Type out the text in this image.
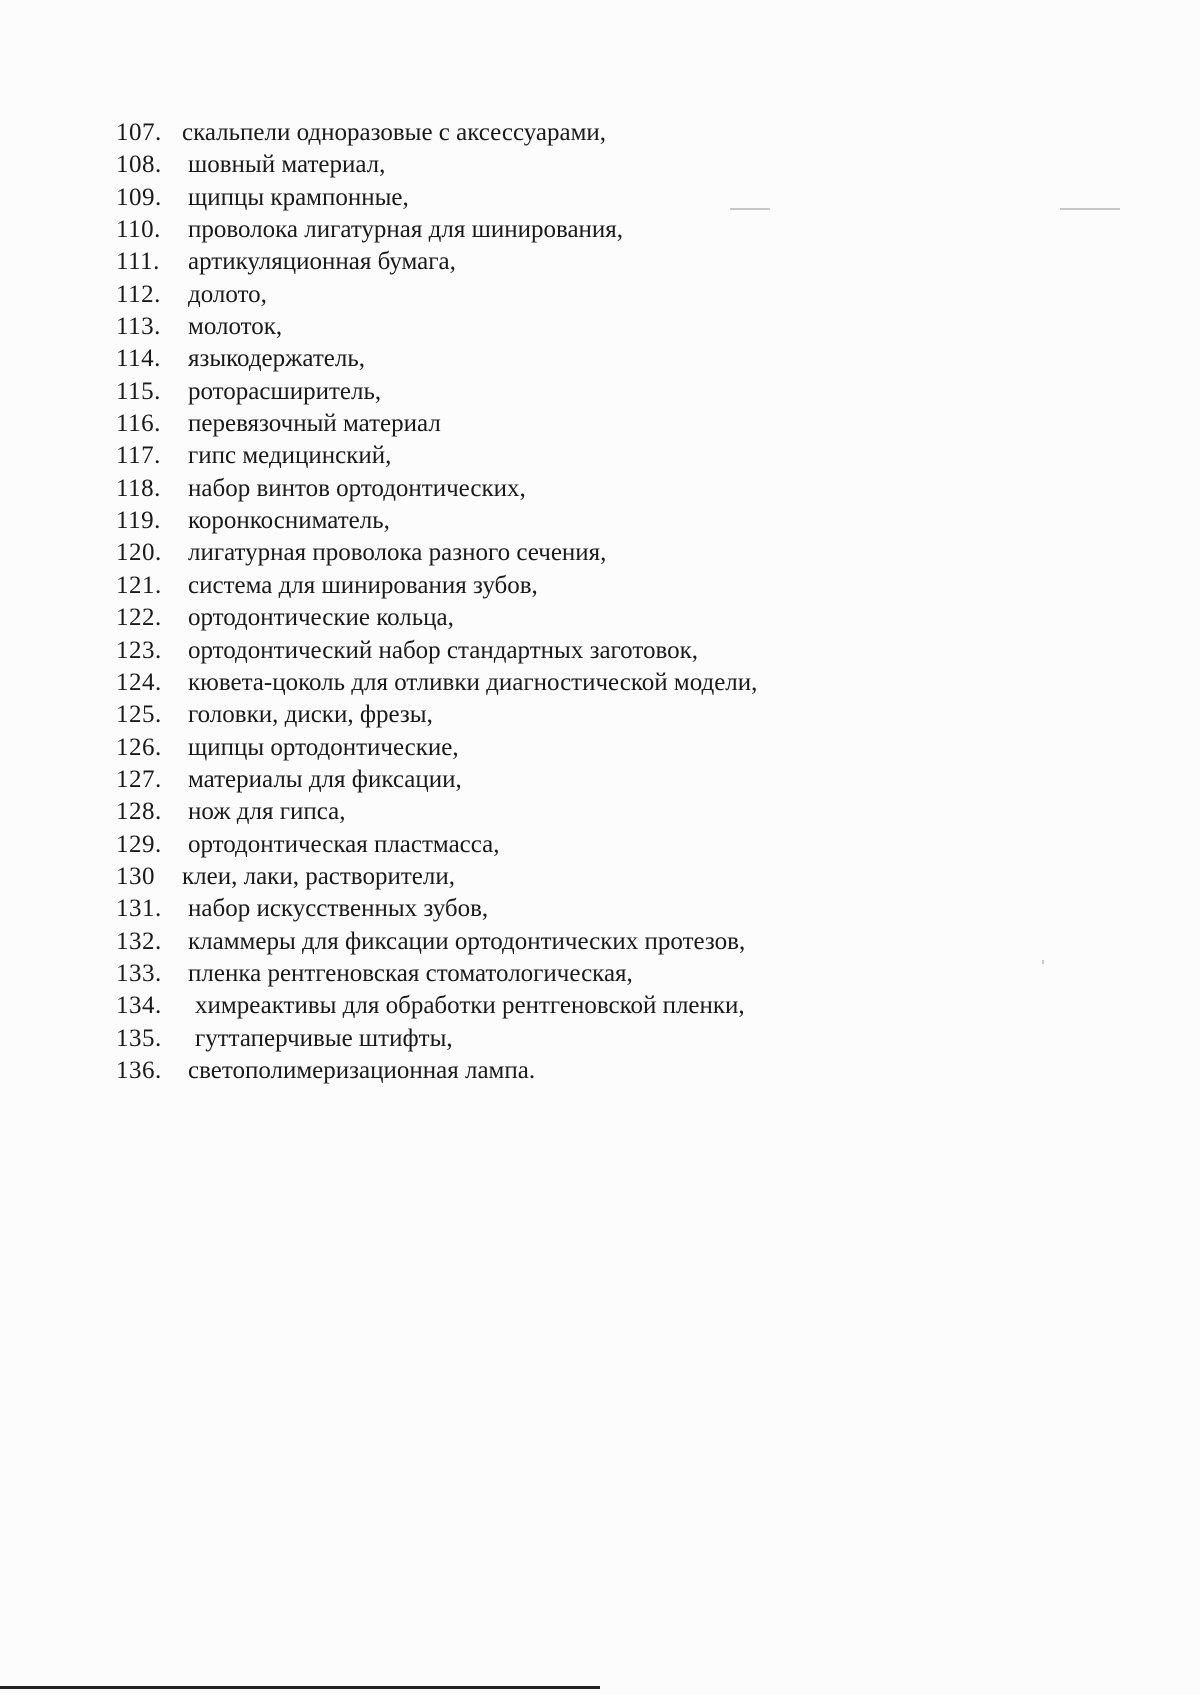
107. скальпели одноразовые с аксессуарами,
108.	шовный материал,
109.	щипцы крампонные,
110.	проволока лигатурная для шинирования,
111.	артикуляционная бумага,
112.	долото,
113.	молоток,
114.	языкодержатель,
115.	роторасширитель,
116.	перевязочный материал
117.	гипс медицинский,
118.	набор винтов ортодонтических,
119.	коронкосниматель,
120.	лигатурная проволока разного сечения,
121.	система для шинирования зубов,
122.	ортодонтические кольца,
123.	ортодонтический набор стандартных заготовок,
124.	кювета-цоколь для отливки диагностической модели,
125.	головки, диски, фрезы,
126.	щипцы ортодонтические,
127.	материалы для фиксации,
128.	нож для гипса,
129.	ортодонтическая пластмасса,
130	клеи, лаки, растворители,
131.	набор искусственных зубов,
132.	кламмеры для фиксации ортодонтических протезов,
133.	пленка рентгеновская стоматологическая,
134.	химреактивы для обработки рентгеновской пленки,
135.	гуттаперчивые штифты,
136.	светополимеризационная лампа.
